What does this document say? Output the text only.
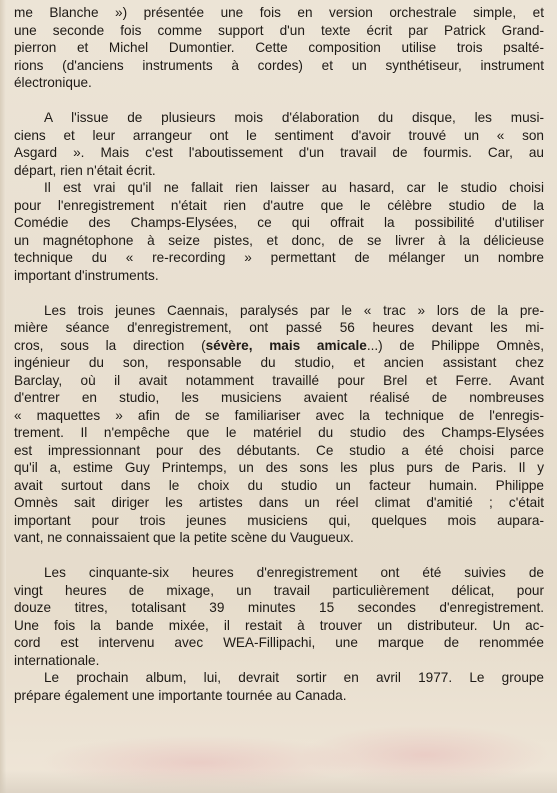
me Blanche ») présentée une fois en version orchestrale simple, et
une seconde fois comme support d'un texte écrit par Patrick Grand-
pierron et Michel Dumontier. Cette composition utilise trois psalté-
rions (d'anciens instruments à cordes) et un synthétiseur, instrument
électronique.
A l'issue de plusieurs mois d'élaboration du disque, les musi-
ciens et leur arrangeur ont le sentiment d'avoir trouvé un « son
Asgard ». Mais c'est l'aboutissement d'un travail de fourmis. Car, au
départ, rien n'était écrit.
Il est vrai qu'il ne fallait rien laisser au hasard, car le studio choisi
pour l'enregistrement n'était rien d'autre que le célèbre studio de la
Comédie des Champs-Elysées, ce qui offrait la possibilité d'utiliser
un magnétophone à seize pistes, et donc, de se livrer à la délicieuse
technique du « re-recording » permettant de mélanger un nombre
important d'instruments.
Les trois jeunes Caennais, paralysés par le « trac » lors de la pre-
mière séance d'enregistrement, ont passé 56 heures devant les mi-
cros, sous la direction (sévère, mais amicale...) de Philippe Omnès,
ingénieur du son, responsable du studio, et ancien assistant chez
Barclay, où il avait notamment travaillé pour Brel et Ferre. Avant
d'entrer en studio, les musiciens avaient réalisé de nombreuses
« maquettes » afin de se familiariser avec la technique de l'enregis-
trement. Il n'empêche que le matériel du studio des Champs-Elysées
est impressionnant pour des débutants. Ce studio a été choisi parce
qu'il a, estime Guy Printemps, un des sons les plus purs de Paris. Il y
avait surtout dans le choix du studio un facteur humain. Philippe
Omnès sait diriger les artistes dans un réel climat d'amitié ; c'était
important pour trois jeunes musiciens qui, quelques mois aupara-
vant, ne connaissaient que la petite scène du Vaugueux.
Les cinquante-six heures d'enregistrement ont été suivies de
vingt heures de mixage, un travail particulièrement délicat, pour
douze titres, totalisant 39 minutes 15 secondes d'enregistrement.
Une fois la bande mixée, il restait à trouver un distributeur. Un ac-
cord est intervenu avec WEA-Fillipachi, une marque de renommée
internationale.
Le prochain album, lui, devrait sortir en avril 1977. Le groupe
prépare également une importante tournée au Canada.
